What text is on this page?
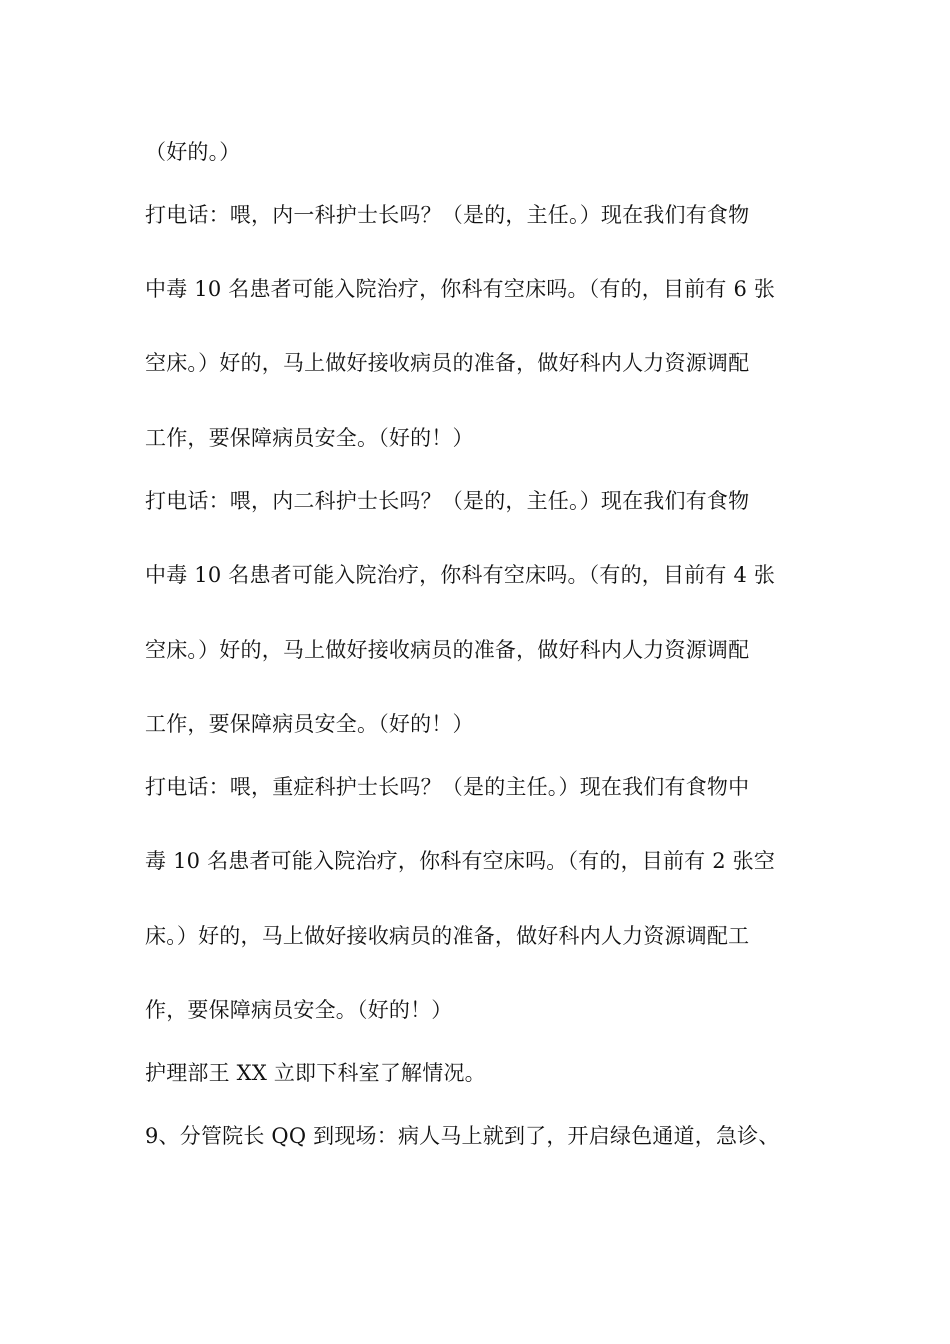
（好的。）
打电话：喂，内一科护士长吗？（是的，主任。）现在我们有食物
中毒 10 名患者可能入院治疗，你科有空床吗。（有的，目前有 6 张
空床。）好的，马上做好接收病员的准备，做好科内人力资源调配
工作，要保障病员安全。（好的！）
打电话：喂，内二科护士长吗？（是的，主任。）现在我们有食物
中毒 10 名患者可能入院治疗，你科有空床吗。（有的，目前有 4 张
空床。）好的，马上做好接收病员的准备，做好科内人力资源调配
工作，要保障病员安全。（好的！）
打电话：喂，重症科护士长吗？（是的主任。）现在我们有食物中
毒 10 名患者可能入院治疗，你科有空床吗。（有的，目前有 2 张空
床。）好的，马上做好接收病员的准备，做好科内人力资源调配工
作，要保障病员安全。（好的！）
护理部王 XX 立即下科室了解情况。
9、分管院长 QQ 到现场：病人马上就到了，开启绿色通道，急诊、
